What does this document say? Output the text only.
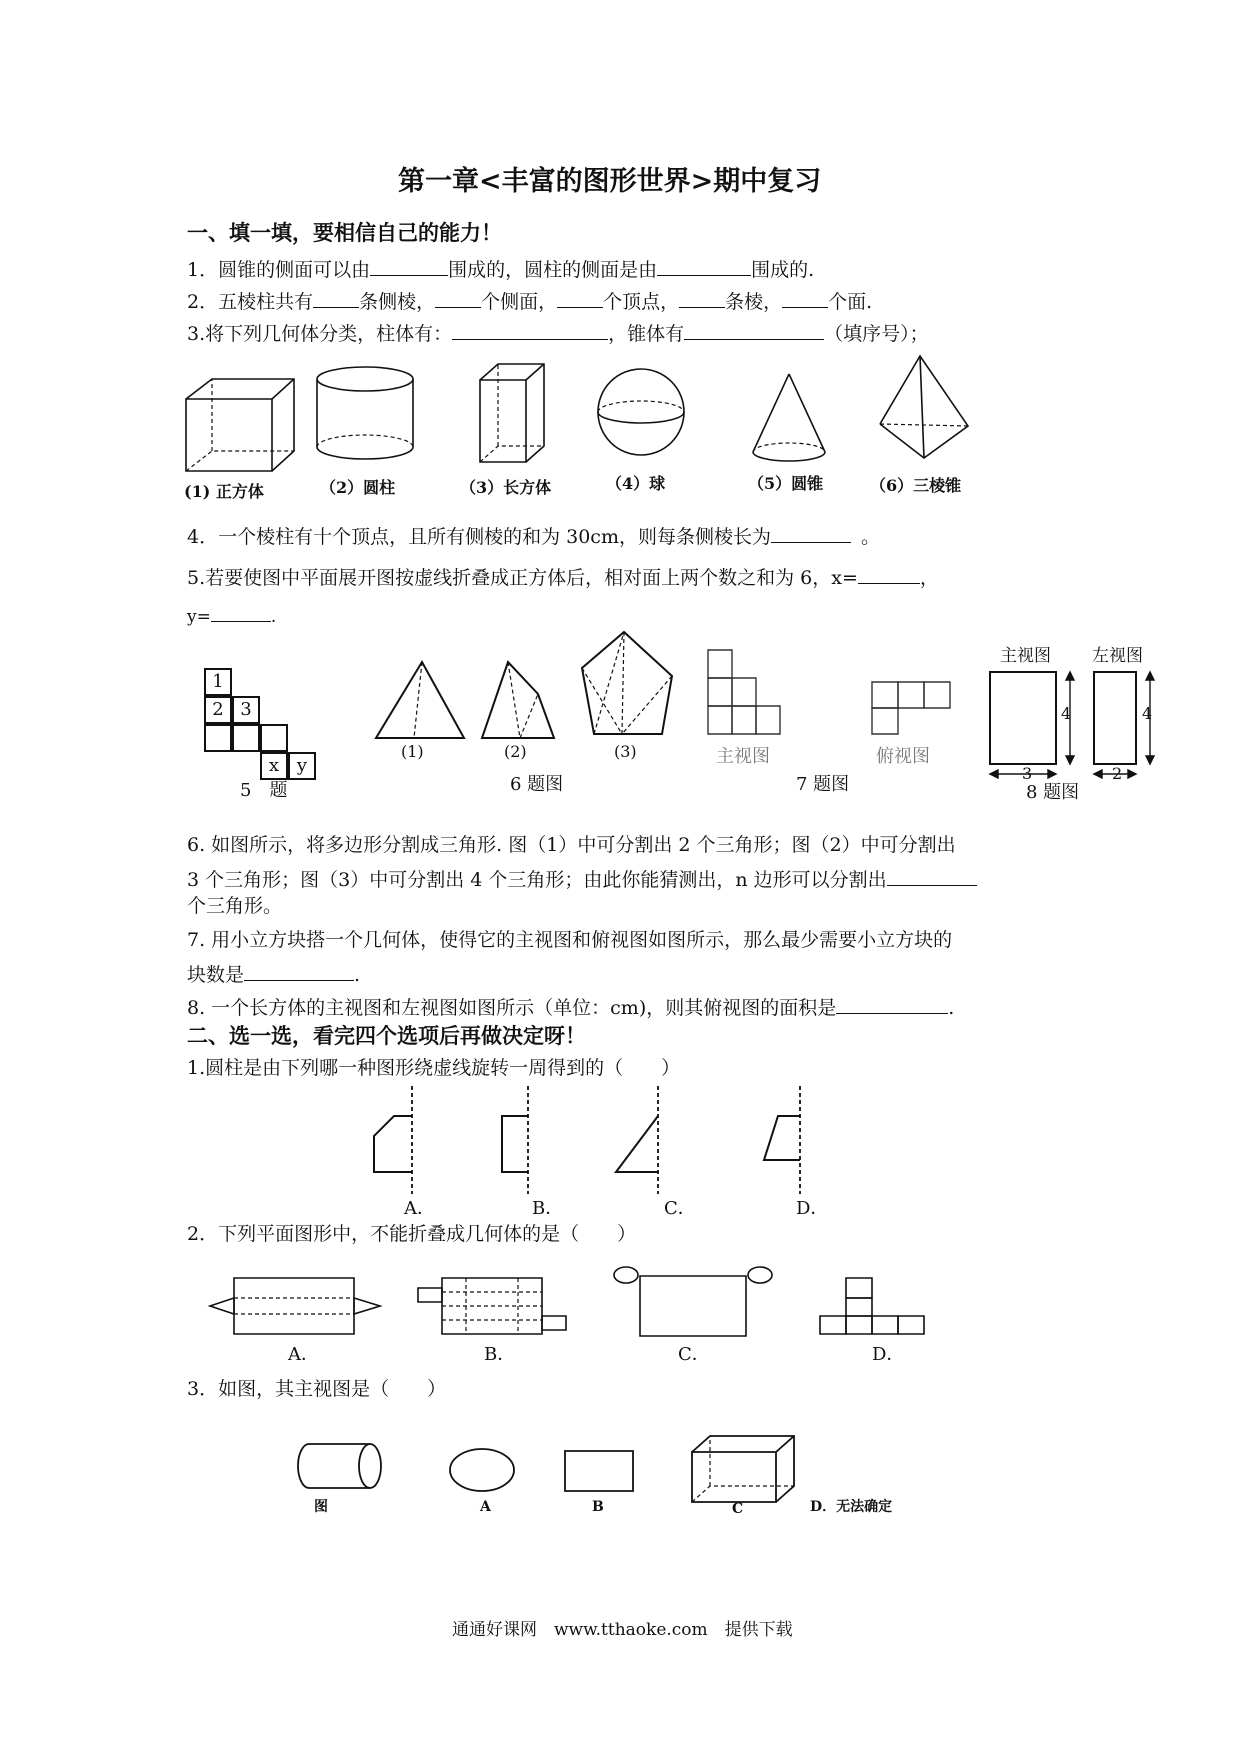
第一章<丰富的图形世界>期中复习
一、填一填，要相信自己的能力！
1．圆锥的侧面可以由	围成的，圆柱的侧面是由	围成的.
2．五棱柱共有 条侧棱， 个侧面， 个顶点， 条棱， 个面.
3.将下列几何体分类，柱体有：	，锥体有	（填序号）；
(1) 正方体	（2）圆柱	（3）长方体	（4）球	（5）圆锥	（6）三棱锥
4．一个棱柱有十个顶点，且所有侧棱的和为 30cm，则每条侧棱长为	。
5.若要使图中平面展开图按虚线折叠成正方体后，相对面上两个数之和为 6，x=	，
y=	.
1
2 3
x y
5　题
(1)	(2)	(3)
6 题图
主视图	俯视图
7 题图
主视图 左视图
4	4
3	2
8 题图
6. 如图所示，将多边形分割成三角形. 图（1）中可分割出 2 个三角形；图（2）中可分割出
3 个三角形；图（3）中可分割出 4 个三角形；由此你能猜测出，n 边形可以分割出
个三角形。
7. 用小立方块搭一个几何体，使得它的主视图和俯视图如图所示，那么最少需要小立方块的
块数是	.
8. 一个长方体的主视图和左视图如图所示（单位：cm)，则其俯视图的面积是	.
二、选一选，看完四个选项后再做决定呀！
1.圆柱是由下列哪一种图形绕虚线旋转一周得到的（　　）
A．	B．	C．	D．
2．下列平面图形中，不能折叠成几何体的是（　　）
A．	B．	C．	D．
3．如图，其主视图是（　　）
图	A	B	C	D．无法确定
通通好课网　www.tthaoke.com　提供下载
